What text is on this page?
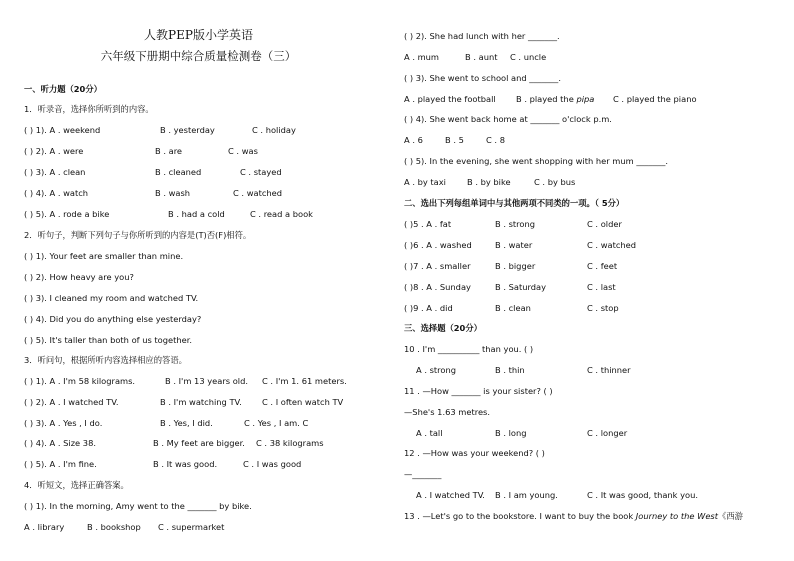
人教PEP版小学英语
六年级下册期中综合质量检测卷（三）
一、听力题（20分）
1．听录音，选择你所听到的内容。
( ) 1). A . weekend	B . yesterday	C . holiday
( ) 2). A . were	B . are	C . was
( ) 3). A . clean	B . cleaned	C . stayed
( ) 4). A . watch	B . wash	C . watched
( ) 5). A . rode a bike	B . had a cold	C . read a book
2．听句子，判断下列句子与你所听到的内容是(T)否(F)相符。
( ) 1). Your feet are smaller than mine.
( ) 2). How heavy are you?
( ) 3). I cleaned my room and watched TV.
( ) 4). Did you do anything else yesterday?
( ) 5). It's taller than both of us together.
3．听问句，根据所听内容选择相应的答语。
( ) 1). A . I'm 58 kilograms.	B . I'm 13 years old. C . I'm 1. 61 meters.
( ) 2). A . I watched TV.	B . I'm watching TV. C . I often watch TV
( ) 3). A . Yes , I do.	B . Yes, I did.	C . Yes , I am. C
( ) 4). A . Size 38.	B . My feet are bigger. C . 38 kilograms
( ) 5). A . I'm fine.	B . It was good.	C . I was good
4．听短文，选择正确答案。
( ) 1). In the morning, Amy went to the _______ by bike.
A . library	B . bookshop C . supermarket
( ) 2). She had lunch with her _______.
A . mum	B . aunt C . uncle
( ) 3). She went to school and _______.
A . played the football B . played the pipa C . played the piano
( ) 4). She went back home at _______ o'clock p.m.
A . 6	B . 5	C . 8
( ) 5). In the evening, she went shopping with her mum _______.
A . by taxi	B . by bike	C . by bus
二、选出下列每组单词中与其他两项不同类的一项。（ 5分）
( )5 . A . fat	B . strong	C . older
( )6 . A . washed	B . water	C . watched
( )7 . A . smaller	B . bigger	C . feet
( )8 . A . Sunday	B . Saturday	C . last
( )9 . A . did	B . clean	C . stop
三、选择题（20分）
10 . I'm __________ than you. ( )
A . strong	B . thin	C . thinner
11 . —How _______ is your sister? ( )
—She's 1.63 metres.
A . tall	B . long	C . longer
12 . —How was your weekend? ( )
—_______
A . I watched TV. B . I am young.	C . It was good, thank you.
13 . —Let's go to the bookstore. I want to buy the book Journey to the West《西游
